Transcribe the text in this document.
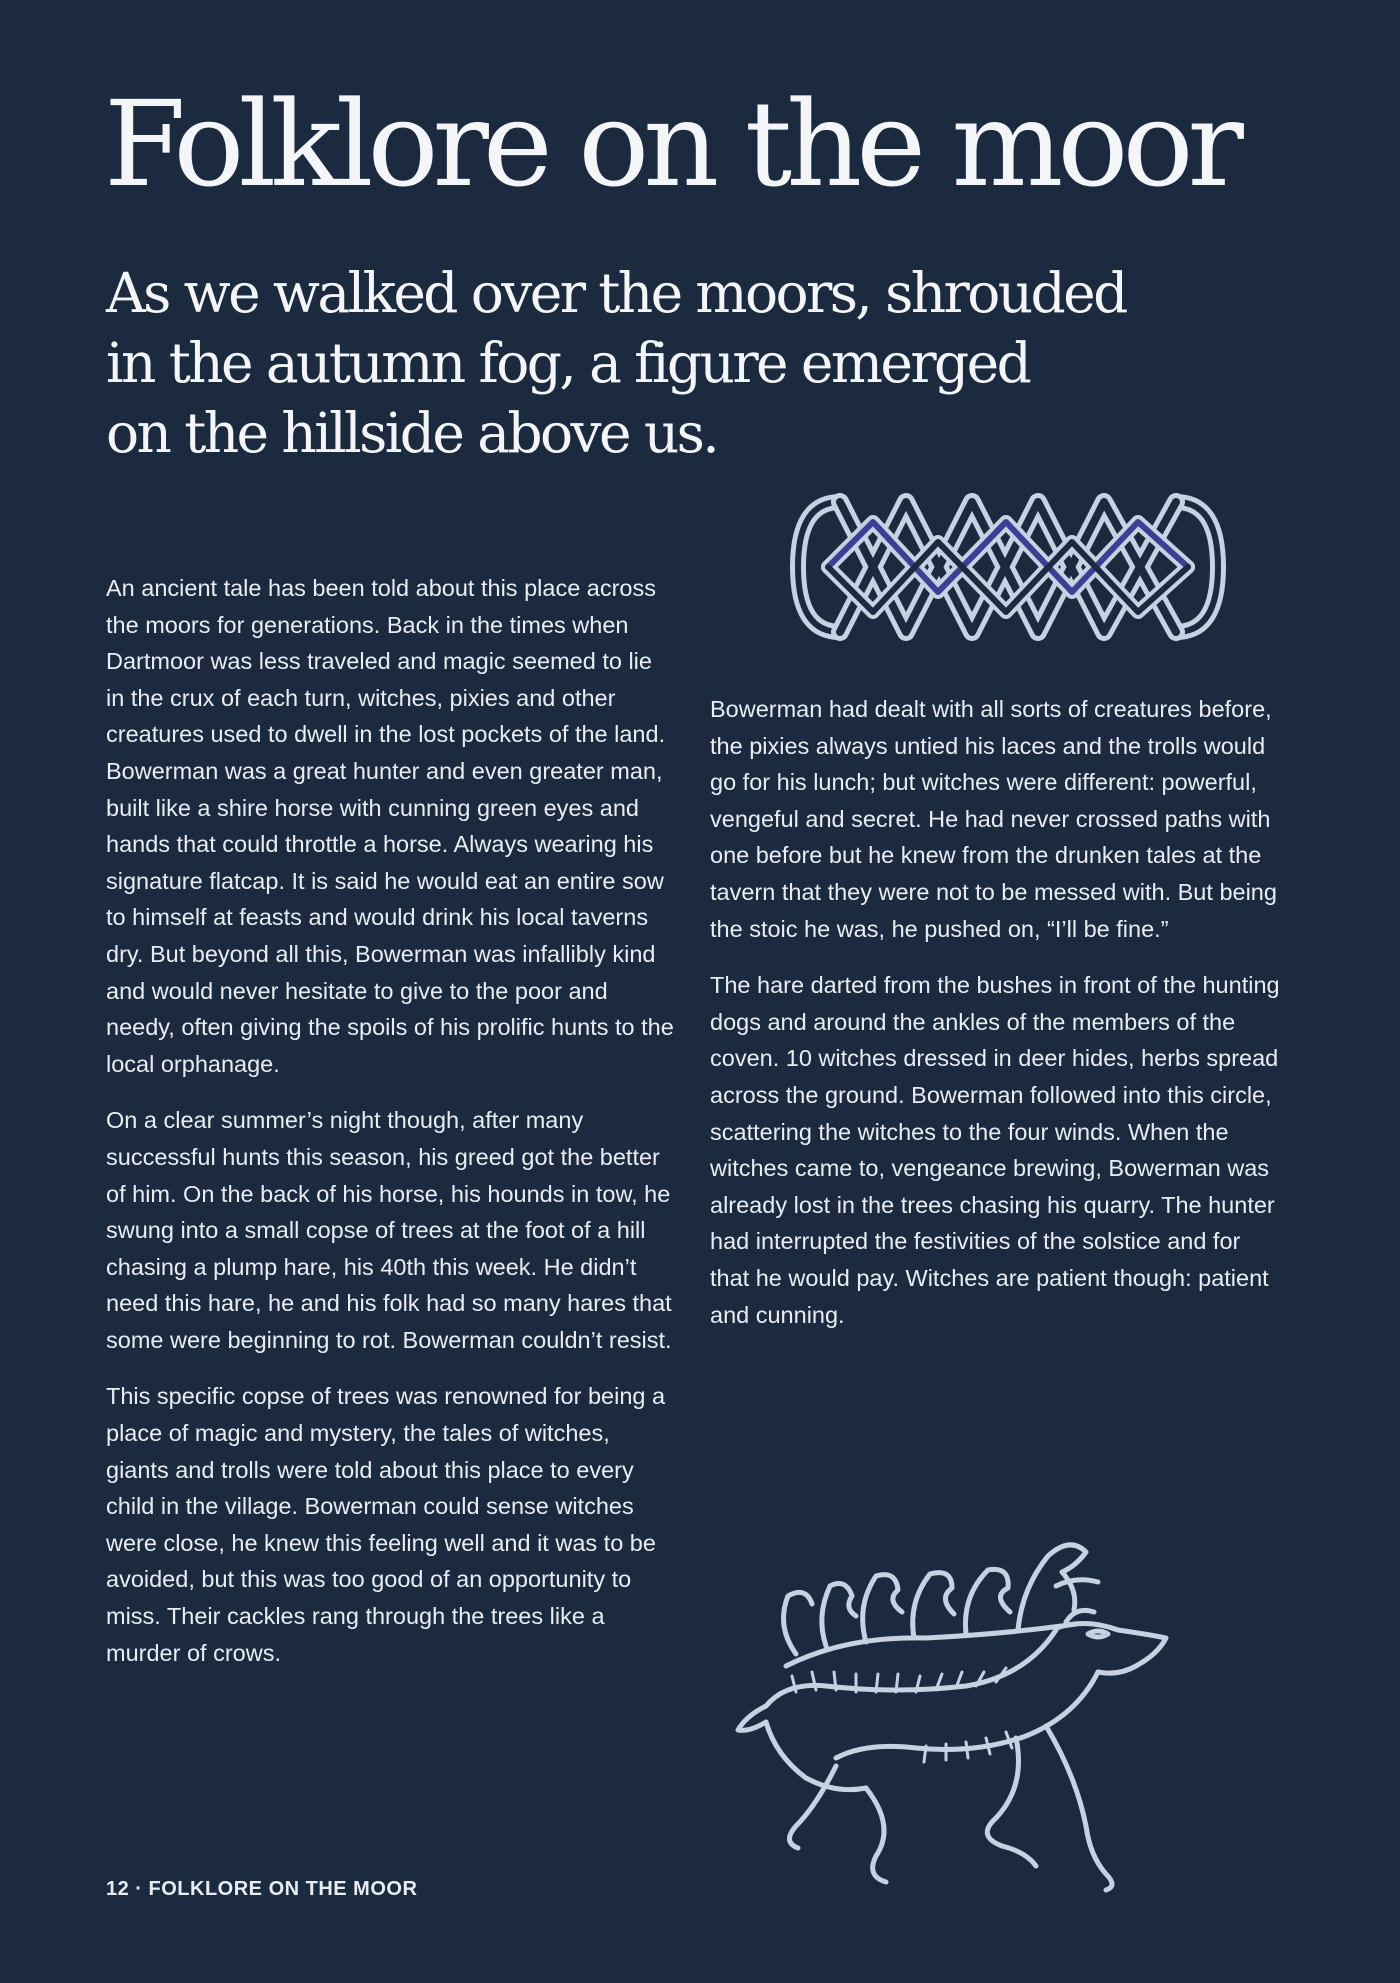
Folklore on the moor
As we walked over the moors, shrouded
in the autumn fog, a figure emerged
on the hillside above us.

An ancient tale has been told about this place across the moors for generations. Back in the times when Dartmoor was less traveled and magic seemed to lie in the crux of each turn, witches, pixies and other creatures used to dwell in the lost pockets of the land. Bowerman was a great hunter and even greater man, built like a shire horse with cunning green eyes and hands that could throttle a horse. Always wearing his signature flatcap. It is said he would eat an entire sow to himself at feasts and would drink his local taverns dry. But beyond all this, Bowerman was infallibly kind and would never hesitate to give to the poor and needy, often giving the spoils of his prolific hunts to the local orphanage.

On a clear summer’s night though, after many successful hunts this season, his greed got the better of him. On the back of his horse, his hounds in tow, he swung into a small copse of trees at the foot of a hill chasing a plump hare, his 40th this week. He didn’t need this hare, he and his folk had so many hares that some were beginning to rot. Bowerman couldn’t resist.

This specific copse of trees was renowned for being a place of magic and mystery, the tales of witches, giants and trolls were told about this place to every child in the village. Bowerman could sense witches were close, he knew this feeling well and it was to be avoided, but this was too good of an opportunity to miss. Their cackles rang through the trees like a murder of crows.

Bowerman had dealt with all sorts of creatures before, the pixies always untied his laces and the trolls would go for his lunch; but witches were different: powerful, vengeful and secret. He had never crossed paths with one before but he knew from the drunken tales at the tavern that they were not to be messed with. But being the stoic he was, he pushed on, “I’ll be fine.”

The hare darted from the bushes in front of the hunting dogs and around the ankles of the members of the coven. 10 witches dressed in deer hides, herbs spread across the ground. Bowerman followed into this circle, scattering the witches to the four winds. When the witches came to, vengeance brewing, Bowerman was already lost in the trees chasing his quarry. The hunter had interrupted the festivities of the solstice and for that he would pay. Witches are patient though: patient and cunning.

12 · FOLKLORE ON THE MOOR
